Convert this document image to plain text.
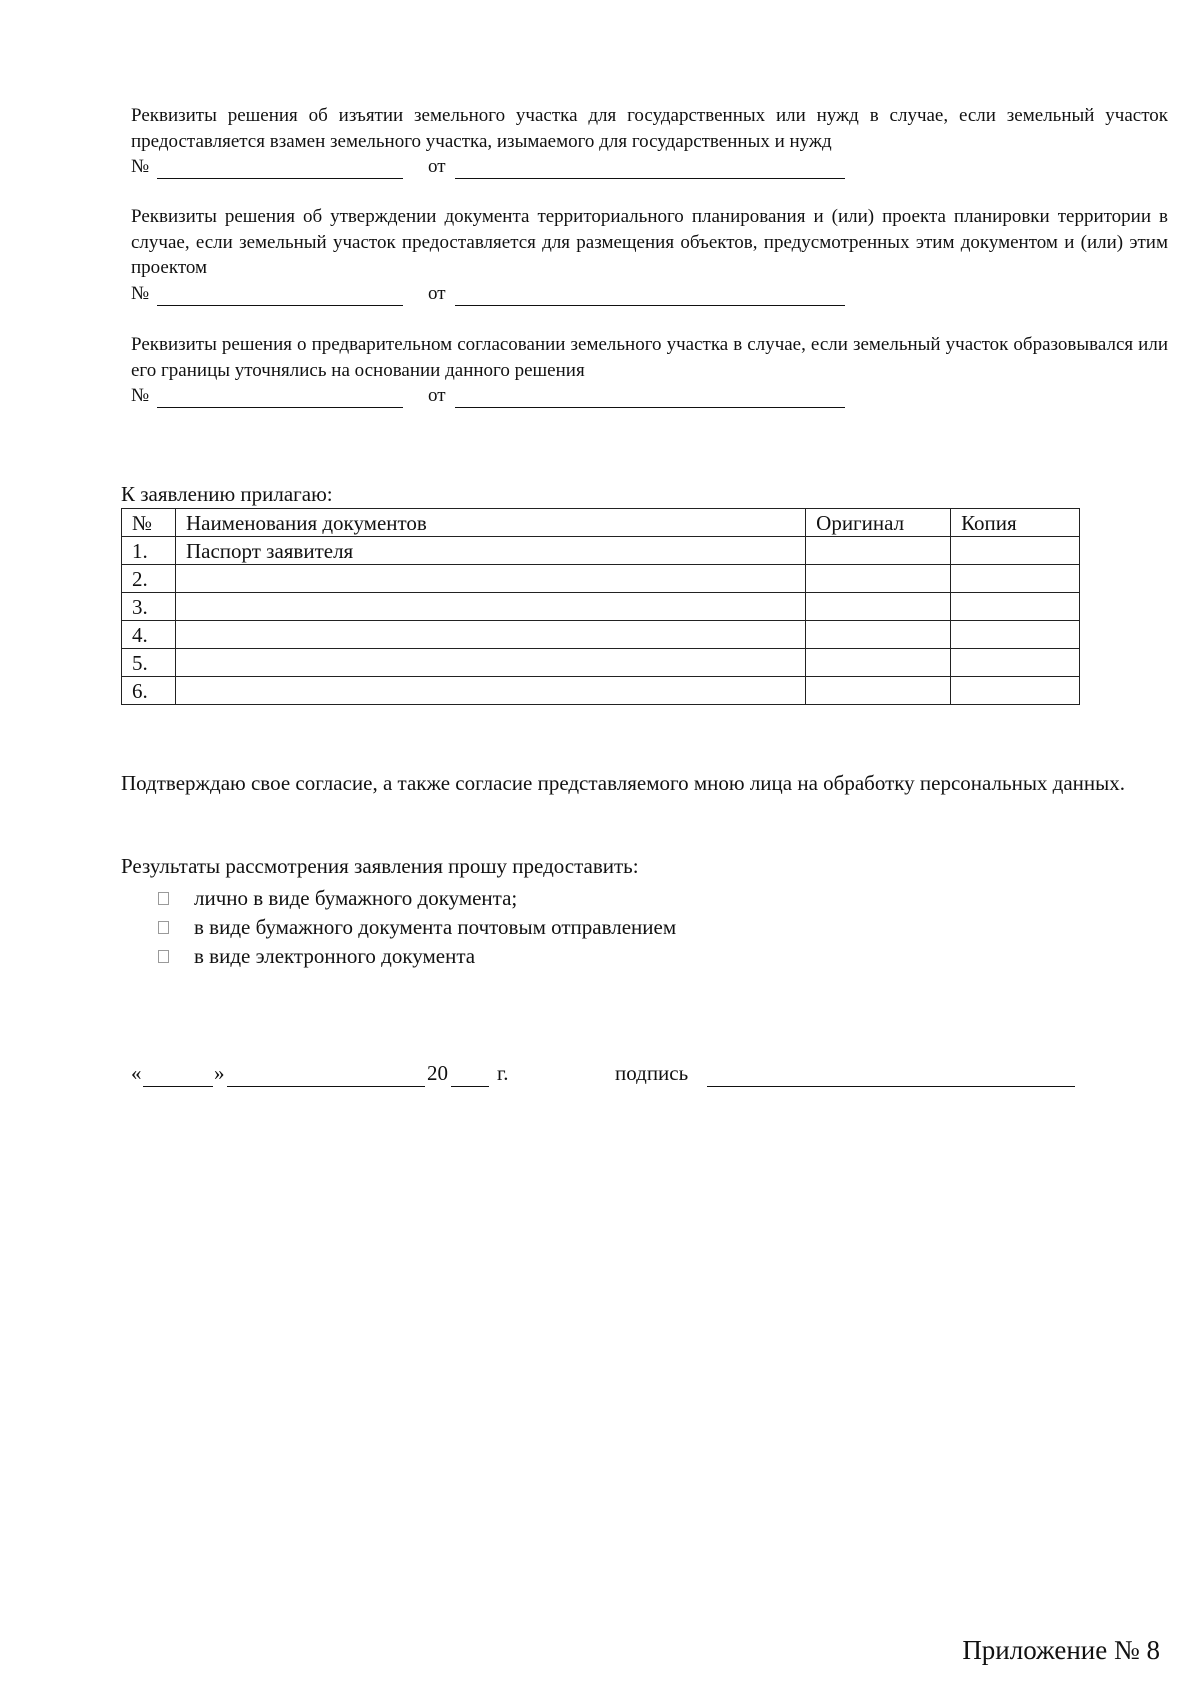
Реквизиты решения об изъятии земельного участка для государственных или нужд в случае, если земельный участок предоставляется взамен земельного участка, изымаемого для государственных и нужд
№	от
Реквизиты решения об утверждении документа территориального планирования и (или) проекта планировки территории в случае, если земельный участок предоставляется для размещения объектов, предусмотренных этим документом и (или) этим проектом
№	от
Реквизиты решения о предварительном согласовании земельного участка в случае, если земельный участок образовывался или его границы уточнялись на основании данного решения
№	от
К заявлению прилагаю:
№	Наименования документов	Оригинал	Копия
1.	Паспорт заявителя		
2.			
3.			
4.			
5.			
6.			
Подтверждаю свое согласие, а также согласие представляемого мною лица на обработку персональных данных.
Результаты рассмотрения заявления прошу предоставить:
лично в виде бумажного документа;
в виде бумажного документа почтовым отправлением
в виде электронного документа
«	»	20 г.	подпись
Приложение № 8
